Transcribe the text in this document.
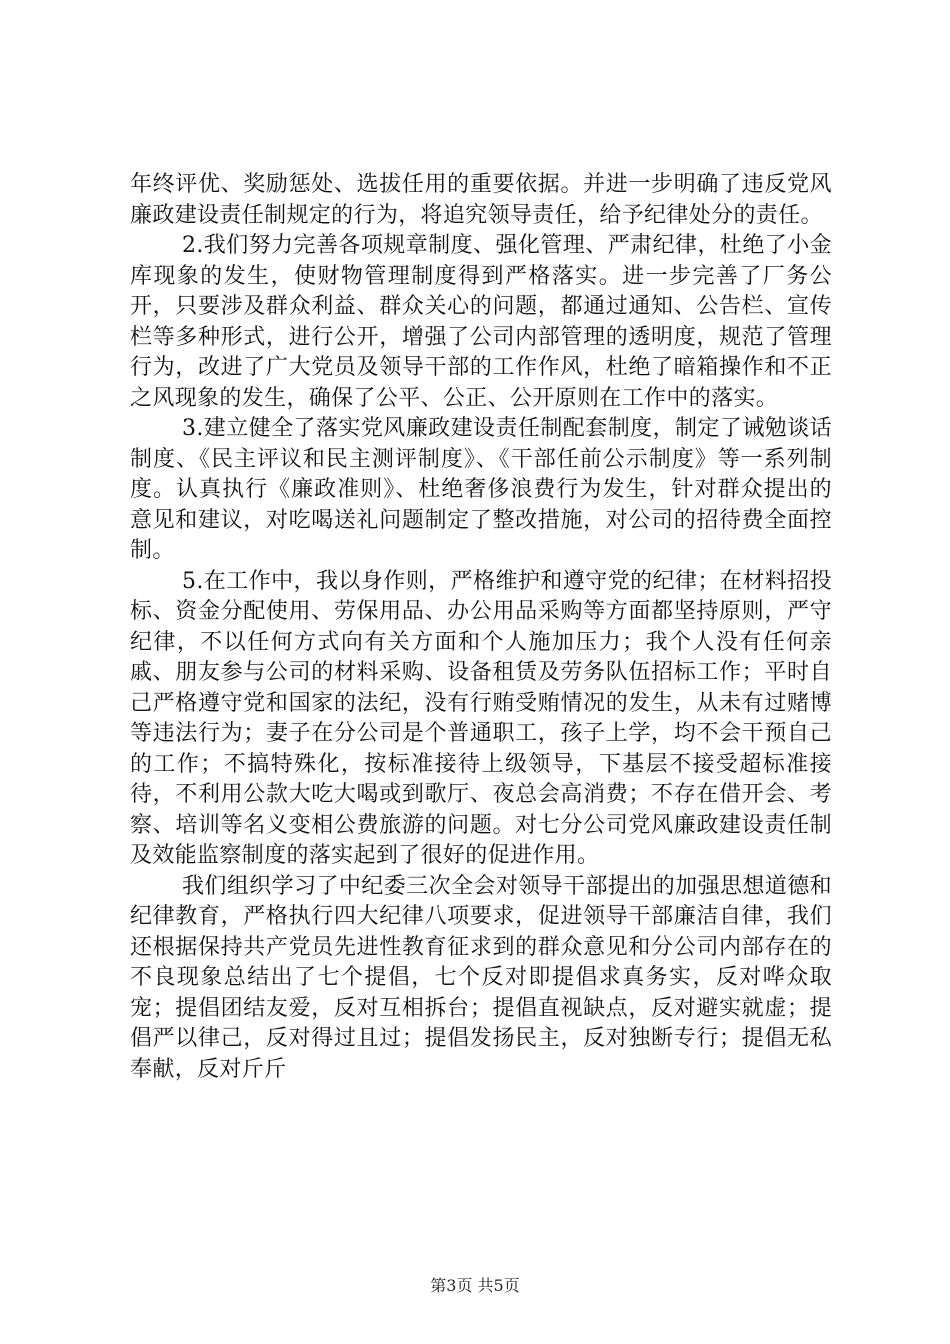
年终评优、奖励惩处、选拔任用的重要依据。并进一步明确了违反党风廉政建设责任制规定的行为，将追究领导责任，给予纪律处分的责任。

2.我们努力完善各项规章制度、强化管理、严肃纪律，杜绝了小金库现象的发生，使财物管理制度得到严格落实。进一步完善了厂务公开，只要涉及群众利益、群众关心的问题，都通过通知、公告栏、宣传栏等多种形式，进行公开，增强了公司内部管理的透明度，规范了管理行为，改进了广大党员及领导干部的工作作风，杜绝了暗箱操作和不正之风现象的发生，确保了公平、公正、公开原则在工作中的落实。

3.建立健全了落实党风廉政建设责任制配套制度，制定了诫勉谈话制度、《民主评议和民主测评制度》、《干部任前公示制度》等一系列制度。认真执行《廉政准则》、杜绝奢侈浪费行为发生，针对群众提出的意见和建议，对吃喝送礼问题制定了整改措施，对公司的招待费全面控制。

5.在工作中，我以身作则，严格维护和遵守党的纪律；在材料招投标、资金分配使用、劳保用品、办公用品采购等方面都坚持原则，严守纪律，不以任何方式向有关方面和个人施加压力；我个人没有任何亲戚、朋友参与公司的材料采购、设备租赁及劳务队伍招标工作；平时自己严格遵守党和国家的法纪，没有行贿受贿情况的发生，从未有过赌博等违法行为；妻子在分公司是个普通职工，孩子上学，均不会干预自己的工作；不搞特殊化，按标准接待上级领导，下基层不接受超标准接待，不利用公款大吃大喝或到歌厅、夜总会高消费；不存在借开会、考察、培训等名义变相公费旅游的问题。对七分公司党风廉政建设责任制及效能监察制度的落实起到了很好的促进作用。

我们组织学习了中纪委三次全会对领导干部提出的加强思想道德和纪律教育，严格执行四大纪律八项要求，促进领导干部廉洁自律，我们还根据保持共产党员先进性教育征求到的群众意见和分公司内部存在的不良现象总结出了七个提倡，七个反对即提倡求真务实，反对哗众取宠；提倡团结友爱，反对互相拆台；提倡直视缺点，反对避实就虚；提倡严以律己，反对得过且过；提倡发扬民主，反对独断专行；提倡无私奉献，反对斤斤

第3页 共5页
